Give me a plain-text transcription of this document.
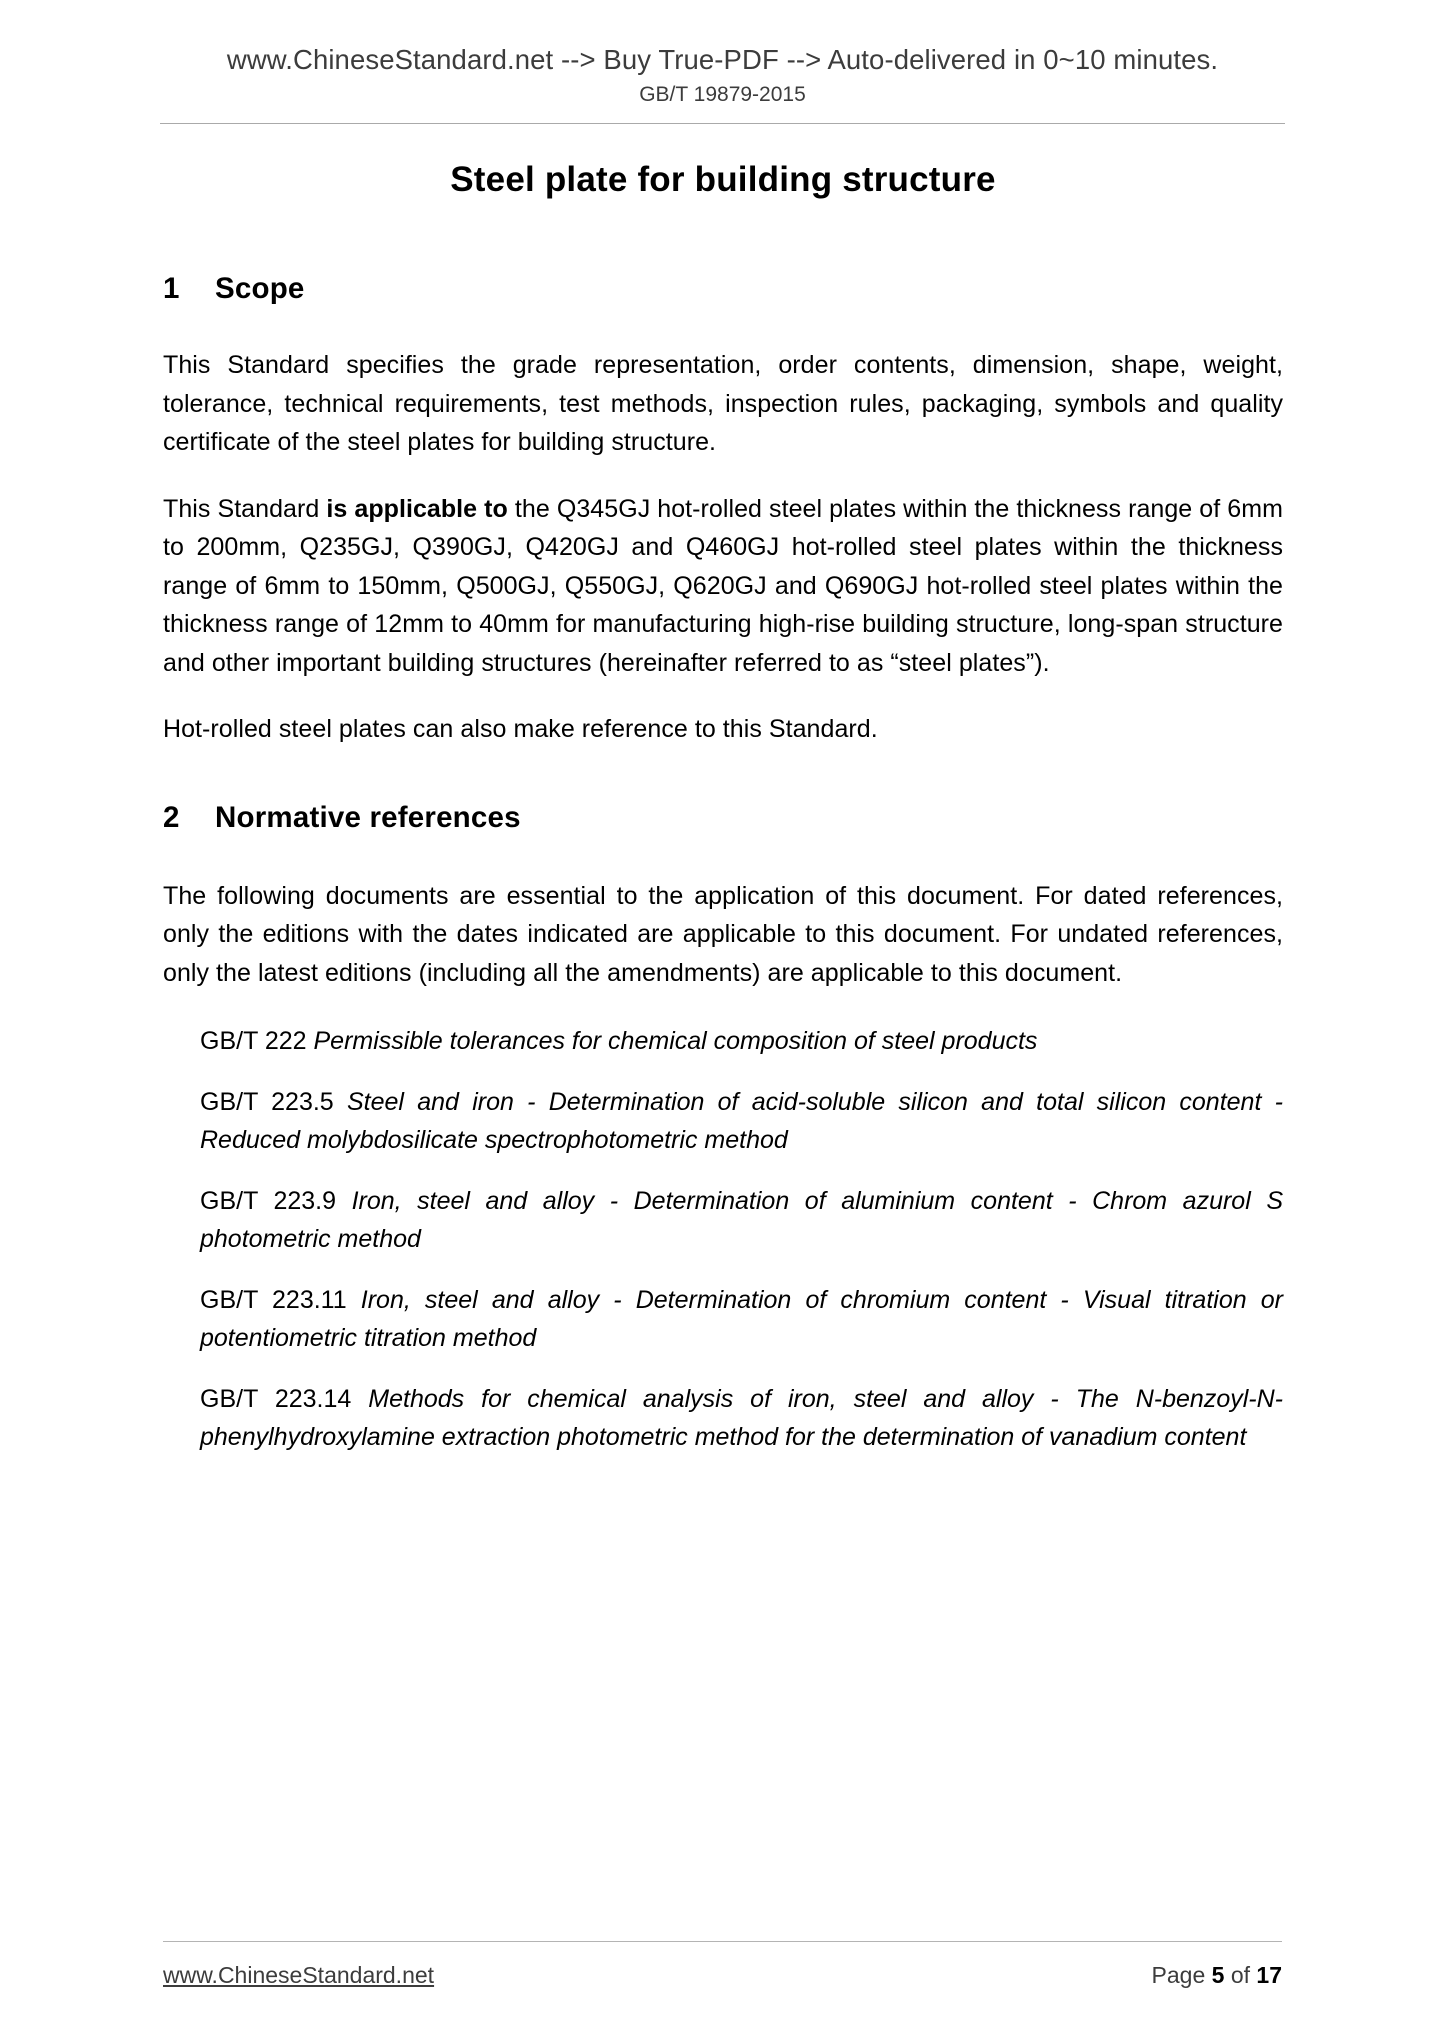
www.ChineseStandard.net --> Buy True-PDF --> Auto-delivered in 0~10 minutes.
GB/T 19879-2015
Steel plate for building structure
1 Scope

This Standard specifies the grade representation, order contents, dimension, shape, weight, tolerance, technical requirements, test methods, inspection rules, packaging, symbols and quality certificate of the steel plates for building structure.

This Standard is applicable to the Q345GJ hot-rolled steel plates within the thickness range of 6mm to 200mm, Q235GJ, Q390GJ, Q420GJ and Q460GJ hot-rolled steel plates within the thickness range of 6mm to 150mm, Q500GJ, Q550GJ, Q620GJ and Q690GJ hot-rolled steel plates within the thickness range of 12mm to 40mm for manufacturing high-rise building structure, long-span structure and other important building structures (hereinafter referred to as “steel plates”).

Hot-rolled steel plates can also make reference to this Standard.

2 Normative references

The following documents are essential to the application of this document. For dated references, only the editions with the dates indicated are applicable to this document. For undated references, only the latest editions (including all the amendments) are applicable to this document.

GB/T 222 Permissible tolerances for chemical composition of steel products

GB/T 223.5 Steel and iron - Determination of acid-soluble silicon and total silicon content - Reduced molybdosilicate spectrophotometric method

GB/T 223.9 Iron, steel and alloy - Determination of aluminium content - Chrom azurol S photometric method

GB/T 223.11 Iron, steel and alloy - Determination of chromium content - Visual titration or potentiometric titration method

GB/T 223.14 Methods for chemical analysis of iron, steel and alloy - The N-benzoyl-N-phenylhydroxylamine extraction photometric method for the determination of vanadium content

www.ChineseStandard.net	Page 5 of 17
